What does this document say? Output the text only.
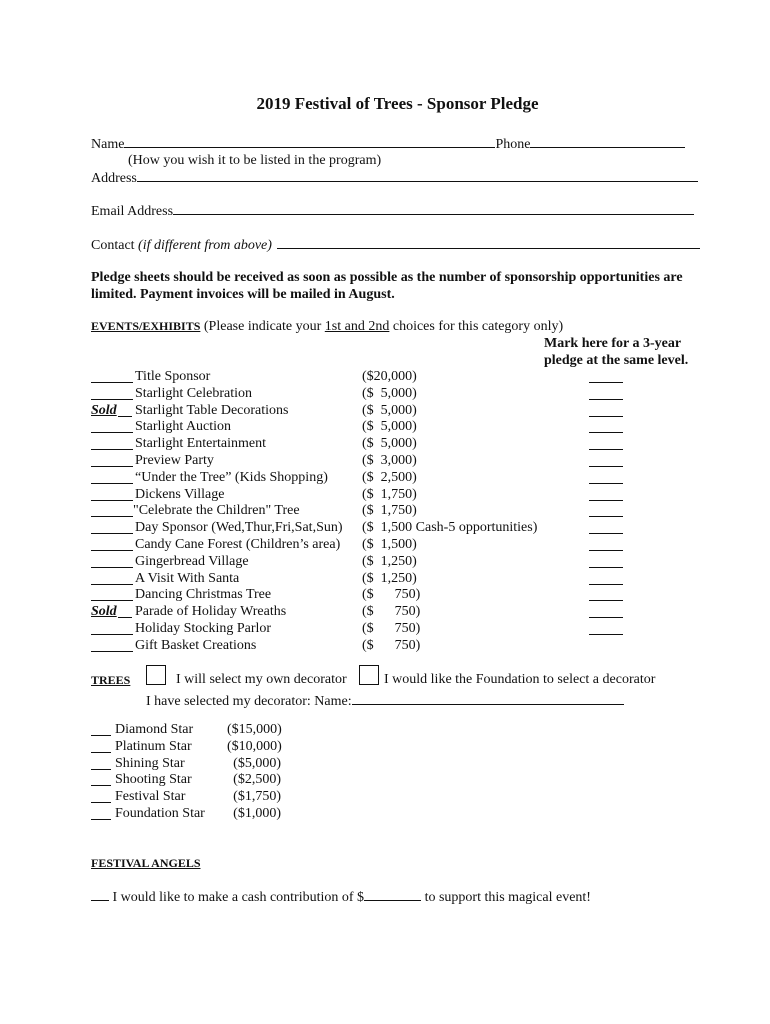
2019 Festival of Trees - Sponsor Pledge
Name	Phone
(How you wish it to be listed in the program)
Address
Email Address
Contact (if different from above)
Pledge sheets should be received as soon as possible as the number of sponsorship opportunities are
limited. Payment invoices will be mailed in August.
EVENTS/EXHIBITS (Please indicate your 1st and 2nd choices for this category only)
Mark here for a 3-year
pledge at the same level.
Title Sponsor	($20,000)
Starlight Celebration	($  5,000)
Sold Starlight Table Decorations	($  5,000)
Starlight Auction	($  5,000)
Starlight Entertainment	($  5,000)
Preview Party	($  3,000)
“Under the Tree” (Kids Shopping) ($  2,500)
Dickens Village	($  1,750)
"Celebrate the Children" Tree	($  1,750)
Day Sponsor (Wed,Thur,Fri,Sat,Sun) ($  1,500 Cash-5 opportunities)
Candy Cane Forest (Children’s area) ($  1,500)
Gingerbread Village	($  1,250)
A Visit With Santa	($  1,250)
Dancing Christmas Tree	($      750)
Sold Parade of Holiday Wreaths	($      750)
Holiday Stocking Parlor	($      750)
Gift Basket Creations	($      750)
TREES	I will select my own decorator	I would like the Foundation to select a decorator
I have selected my decorator: Name:
Diamond Star ($15,000)
Platinum Star	($10,000)
Shining Star	($5,000)
Shooting Star	($2,500)
Festival Star	($1,750)
Foundation Star	($1,000)
FESTIVAL ANGELS
I would like to make a cash contribution of $	to support this magical event!
